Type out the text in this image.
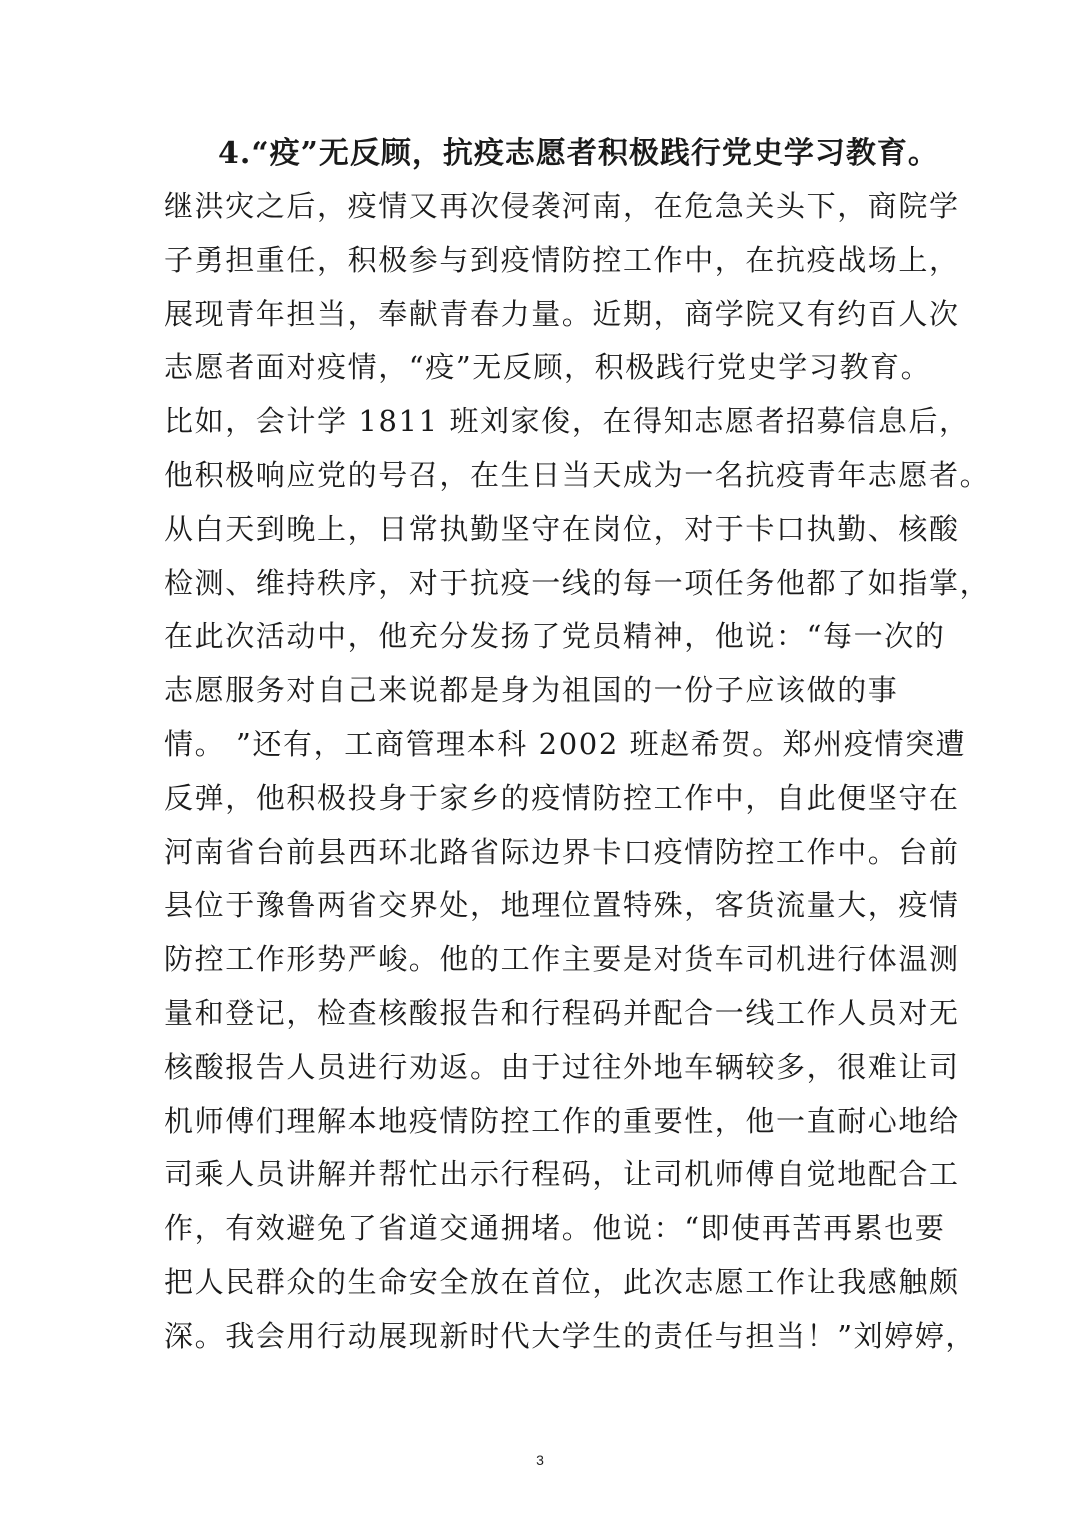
4.“疫”无反顾，抗疫志愿者积极践行党史学习教育。
继洪灾之后，疫情又再次侵袭河南，在危急关头下，商院学
子勇担重任，积极参与到疫情防控工作中，在抗疫战场上，
展现青年担当，奉献青春力量。近期，商学院又有约百人次
志愿者面对疫情，“疫”无反顾，积极践行党史学习教育。
比如，会计学 1811 班刘家俊，在得知志愿者招募信息后，
他积极响应党的号召，在生日当天成为一名抗疫青年志愿者。
从白天到晚上，日常执勤坚守在岗位，对于卡口执勤、核酸
检测、维持秩序，对于抗疫一线的每一项任务他都了如指掌，
在此次活动中，他充分发扬了党员精神，他说：“每一次的
志愿服务对自己来说都是身为祖国的一份子应该做的事
情。 ”还有，工商管理本科 2002 班赵希贺。郑州疫情突遭
反弹，他积极投身于家乡的疫情防控工作中，自此便坚守在
河南省台前县西环北路省际边界卡口疫情防控工作中。台前
县位于豫鲁两省交界处，地理位置特殊，客货流量大，疫情
防控工作形势严峻。他的工作主要是对货车司机进行体温测
量和登记，检查核酸报告和行程码并配合一线工作人员对无
核酸报告人员进行劝返。由于过往外地车辆较多，很难让司
机师傅们理解本地疫情防控工作的重要性，他一直耐心地给
司乘人员讲解并帮忙出示行程码，让司机师傅自觉地配合工
作，有效避免了省道交通拥堵。他说：“即使再苦再累也要
把人民群众的生命安全放在首位，此次志愿工作让我感触颇
深。我会用行动展现新时代大学生的责任与担当！”刘婷婷，
3
